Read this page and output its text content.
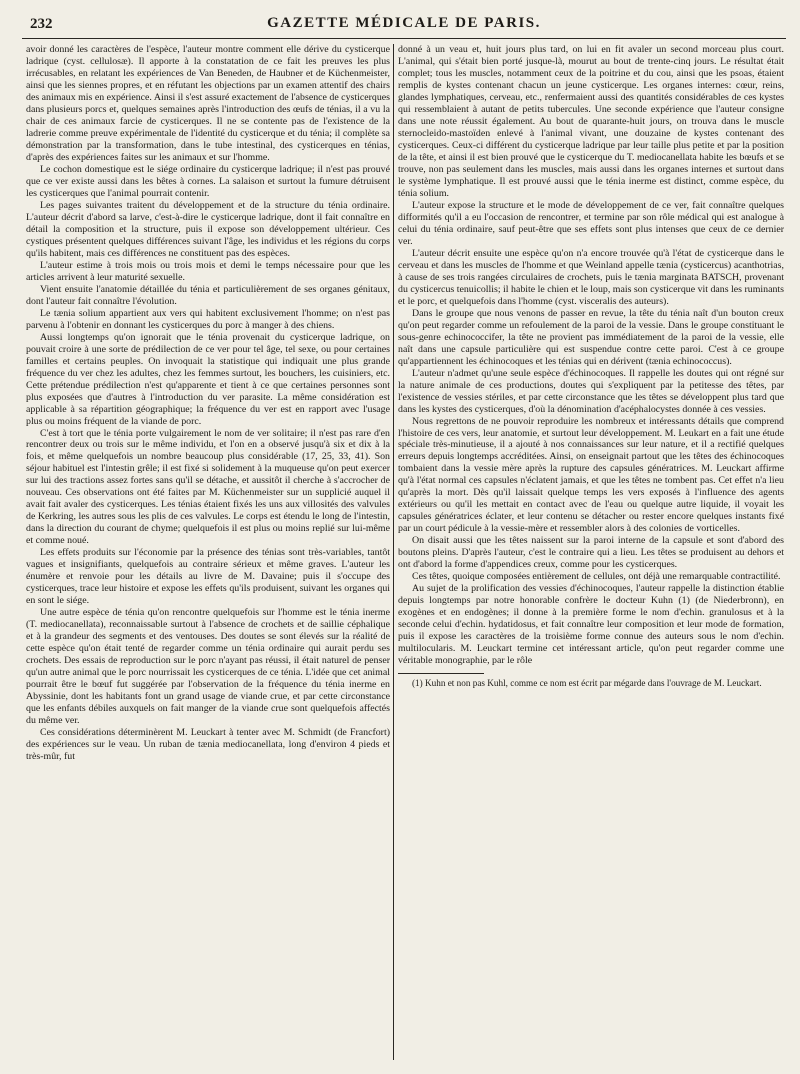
232	GAZETTE MÉDICALE DE PARIS.

avoir donné les caractères de l'espèce, l'auteur montre comment elle dérive du cysticerque ladrique (cyst. cellulosæ). Il apporte à la constatation de ce fait les preuves les plus irrécusables, en relatant les expériences de Van Beneden, de Haubner et de Küchenmeister, ainsi que les siennes propres, et en réfutant les objections par un examen attentif des chairs des animaux mis en expérience. Ainsi il s'est assuré exactement de l'absence de cysticerques dans plusieurs porcs et, quelques semaines après l'introduction des œufs de ténias, il a vu la chair de ces animaux farcie de cysticerques. Il ne se contente pas de l'existence de la ladrerie comme preuve expérimentale de l'identité du cysticerque et du ténia; il complète sa démonstration par la transformation, dans le tube intestinal, des cysticerques en ténias, d'après des expériences faites sur les animaux et sur l'homme.

Le cochon domestique est le siége ordinaire du cysticerque ladrique; il n'est pas prouvé que ce ver existe aussi dans les bêtes à cornes. La salaison et surtout la fumure détruisent les cysticerques que l'animal pourrait contenir.

Les pages suivantes traitent du développement et de la structure du ténia ordinaire. L'auteur décrit d'abord sa larve, c'est-à-dire le cysticerque ladrique, dont il fait connaître en détail la composition et la structure, puis il expose son développement ultérieur. Ces cystiques présentent quelques différences suivant l'âge, les individus et les régions du corps qu'ils habitent, mais ces différences ne constituent pas des espèces.

L'auteur estime à trois mois ou trois mois et demi le temps nécessaire pour que les articles arrivent à leur maturité sexuelle.

Vient ensuite l'anatomie détaillée du ténia et particulièrement de ses organes génitaux, dont l'auteur fait connaître l'évolution.

Le tænia solium appartient aux vers qui habitent exclusivement l'homme; on n'est pas parvenu à l'obtenir en donnant les cysticerques du porc à manger à des chiens.

Aussi longtemps qu'on ignorait que le ténia provenait du cysticerque ladrique, on pouvait croire à une sorte de prédilection de ce ver pour tel âge, tel sexe, ou pour certaines familles et certains peuples. On invoquait la statistique qui indiquait une plus grande fréquence du ver chez les adultes, chez les femmes surtout, les bouchers, les cuisiniers, etc. Cette prétendue prédilection n'est qu'apparente et tient à ce que certaines personnes sont plus exposées que d'autres à l'introduction du ver parasite. La même considération est applicable à sa répartition géographique; la fréquence du ver est en rapport avec l'usage plus ou moins fréquent de la viande de porc.

C'est à tort que le ténia porte vulgairement le nom de ver solitaire; il n'est pas rare d'en rencontrer deux ou trois sur le même individu, et l'on en a observé jusqu'à six et dix à la fois, et même quelquefois un nombre beaucoup plus considérable (17, 25, 33, 41). Son séjour habituel est l'intestin grêle; il est fixé si solidement à la muqueuse qu'on peut exercer sur lui des tractions assez fortes sans qu'il se détache, et aussitôt il cherche à s'accrocher de nouveau. Ces observations ont été faites par M. Küchenmeister sur un supplicié auquel il avait fait avaler des cysticerques. Les ténias étaient fixés les uns aux villosités des valvules de Kerkring, les autres sous les plis de ces valvules. Le corps est étendu le long de l'intestin, dans la direction du courant de chyme; quelquefois il est plus ou moins replié sur lui-même et comme noué.

Les effets produits sur l'économie par la présence des ténias sont très-variables, tantôt vagues et insignifiants, quelquefois au contraire sérieux et même graves. L'auteur les énumère et renvoie pour les détails au livre de M. Davaine; puis il s'occupe des cysticerques, trace leur histoire et expose les effets qu'ils produisent, suivant les organes qui en sont le siége.

Une autre espèce de ténia qu'on rencontre quelquefois sur l'homme est le ténia inerme (T. mediocanellata), reconnaissable surtout à l'absence de crochets et de saillie céphalique et à la grandeur des segments et des ventouses. Des doutes se sont élevés sur la réalité de cette espèce qu'on était tenté de regarder comme un ténia ordinaire qui aurait perdu ses crochets. Des essais de reproduction sur le porc n'ayant pas réussi, il était naturel de penser qu'un autre animal que le porc nourrissait les cysticerques de ce ténia. L'idée que cet animal pourrait être le bœuf fut suggérée par l'observation de la fréquence du ténia inerme en Abyssinie, dont les habitants font un grand usage de viande crue, et par cette circonstance que les enfants débiles auxquels on fait manger de la viande crue sont quelquefois affectés du même ver.

Ces considérations déterminèrent M. Leuckart à tenter avec M. Schmidt (de Francfort) des expériences sur le veau. Un ruban de tænia mediocanellata, long d'environ 4 pieds et très-mûr, fut

donné à un veau et, huit jours plus tard, on lui en fit avaler un second morceau plus court. L'animal, qui s'était bien porté jusque-là, mourut au bout de trente-cinq jours. Le résultat était complet; tous les muscles, notamment ceux de la poitrine et du cou, ainsi que les psoas, étaient remplis de kystes contenant chacun un jeune cysticerque. Les organes internes: cœur, reins, glandes lymphatiques, cerveau, etc., renfermaient aussi des quantités considérables de ces kystes qui ressemblaient à autant de petits tubercules. Une seconde expérience que l'auteur consigne dans une note réussit également. Au bout de quarante-huit jours, on trouva dans le muscle sternocleido-mastoïden enlevé à l'animal vivant, une douzaine de kystes contenant des cysticerques. Ceux-ci différent du cysticerque ladrique par leur taille plus petite et par la position de la tête, et ainsi il est bien prouvé que le cysticerque du T. mediocanellata habite les bœufs et se trouve, non pas seulement dans les muscles, mais aussi dans les organes internes et surtout dans le système lymphatique. Il est prouvé aussi que le ténia inerme est distinct, comme espèce, du ténia solium.

L'auteur expose la structure et le mode de développement de ce ver, fait connaître quelques difformités qu'il a eu l'occasion de rencontrer, et termine par son rôle médical qui est analogue à celui du ténia ordinaire, sauf peut-être que ses effets sont plus intenses que ceux de ce dernier ver.

L'auteur décrit ensuite une espèce qu'on n'a encore trouvée qu'à l'état de cysticerque dans le cerveau et dans les muscles de l'homme et que Weinland appelle tænia (cysticercus) acanthotrias, à cause de ses trois rangées circulaires de crochets, puis le tænia marginata BATSCH, provenant du cysticercus tenuicollis; il habite le chien et le loup, mais son cysticerque vit dans les ruminants et le porc, et quelquefois dans l'homme (cyst. visceralis des auteurs).

Dans le groupe que nous venons de passer en revue, la tête du ténia naît d'un bouton creux qu'on peut regarder comme un refoulement de la paroi de la vessie. Dans le groupe constituant le sous-genre echinococcifer, la tête ne provient pas immédiatement de la paroi de la vessie, elle naît dans une capsule particulière qui est suspendue contre cette paroi. C'est à ce groupe qu'appartiennent les échinocoques et les ténias qui en dérivent (tænia echinococcus).

L'auteur n'admet qu'une seule espèce d'échinocoques. Il rappelle les doutes qui ont régné sur la nature animale de ces productions, doutes qui s'expliquent par la petitesse des têtes, par l'existence de vessies stériles, et par cette circonstance que les têtes se développent plus tard que dans les kystes des cysticerques, d'où la dénomination d'acéphalocystes donnée à ces vessies.

Nous regrettons de ne pouvoir reproduire les nombreux et intéressants détails que comprend l'histoire de ces vers, leur anatomie, et surtout leur développement. M. Leukart en a fait une étude spéciale très-minutieuse, il a ajouté à nos connaissances sur leur nature, et il a rectifié quelques erreurs depuis longtemps accréditées. Ainsi, on enseignait partout que les têtes des échinocoques tombaient dans la vessie mère après la rupture des capsules génératrices. M. Leuckart affirme qu'à l'état normal ces capsules n'éclatent jamais, et que les têtes ne tombent pas. Cet effet n'a lieu qu'après la mort. Dès qu'il laissait quelque temps les vers exposés à l'influence des agents extérieurs ou qu'il les mettait en contact avec de l'eau ou quelque autre liquide, il voyait les capsules génératrices éclater, et leur contenu se détacher ou rester encore quelques instants fixé par un court pédicule à la vessie-mère et ressembler alors à des colonies de vorticelles.

On disait aussi que les têtes naissent sur la paroi interne de la capsule et sont d'abord des boutons pleins. D'après l'auteur, c'est le contraire qui a lieu. Les têtes se produisent au dehors et ont d'abord la forme d'appendices creux, comme pour les cysticerques.

Ces têtes, quoique composées entièrement de cellules, ont déjà une remarquable contractilité.

Au sujet de la prolification des vessies d'échinocoques, l'auteur rappelle la distinction établie depuis longtemps par notre honorable confrère le docteur Kuhn (1) (de Niederbronn), en exogènes et en endogènes; il donne à la première forme le nom d'echin. granulosus et à la seconde celui d'echin. hydatidosus, et fait connaître leur composition et leur mode de formation, puis il expose les caractères de la troisième forme connue des auteurs sous le nom d'echin. multilocularis. M. Leuckart termine cet intéressant article, qu'on peut regarder comme une véritable monographie, par le rôle

(1) Kuhn et non pas Kuhl, comme ce nom est écrit par mégarde dans l'ouvrage de M. Leuckart.
